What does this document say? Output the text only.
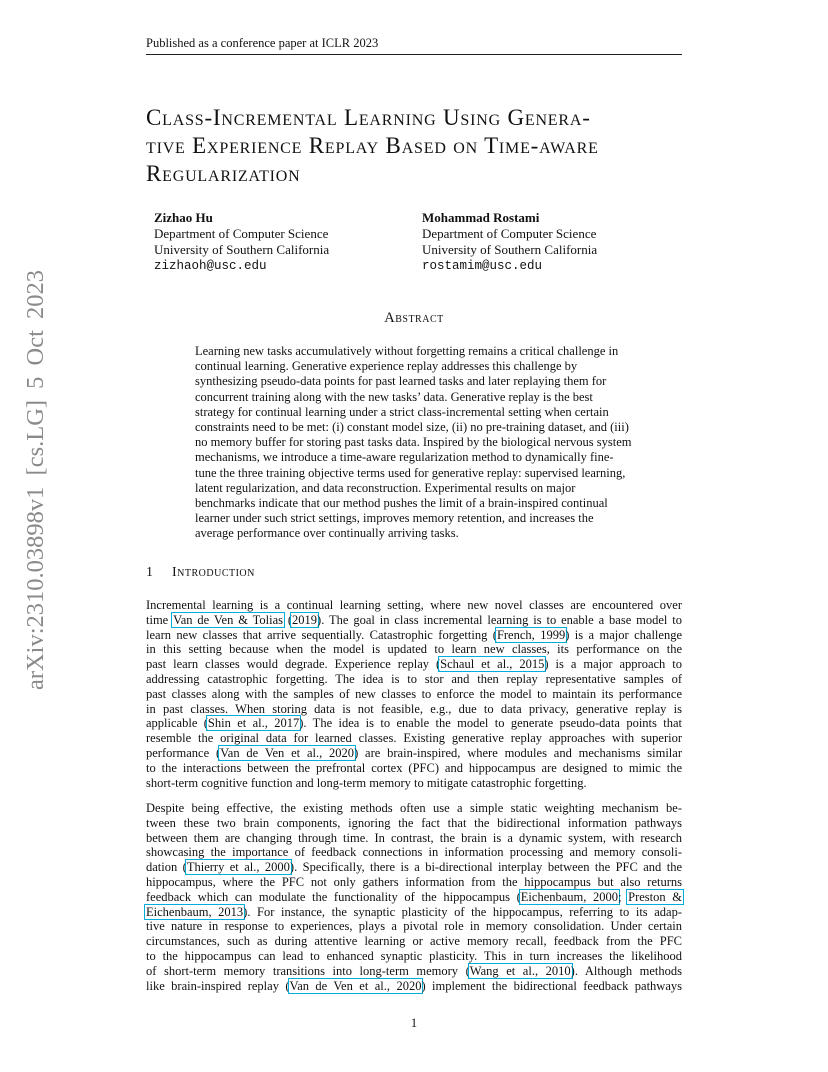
Published as a conference paper at ICLR 2023
Class-Incremental Learning Using Genera-
tive Experience Replay Based on Time-aware
Regularization
Zizhao Hu
Department of Computer Science
University of Southern California
zizhaoh@usc.edu
Mohammad Rostami
Department of Computer Science
University of Southern California
rostamim@usc.edu
arXiv:2310.03898v1 [cs.LG] 5 Oct 2023	Abstract

Learning new tasks accumulatively without forgetting remains a critical challenge in continual learning. Generative experience replay addresses this challenge by synthesizing pseudo-data points for past learned tasks and later replaying them for concurrent training along with the new tasks’ data. Generative replay is the best strategy for continual learning under a strict class-incremental setting when certain constraints need to be met: (i) constant model size, (ii) no pre-training dataset, and (iii) no memory buffer for storing past tasks data. Inspired by the biological nervous system mechanisms, we introduce a time-aware regularization method to dynamically fine-tune the three training objective terms used for generative replay: supervised learning, latent regularization, and data reconstruction. Experimental results on major benchmarks indicate that our method pushes the limit of a brain-inspired continual learner under such strict settings, improves memory retention, and increases the average performance over continually arriving tasks.

1 Introduction
Incremental learning is a continual learning setting, where new novel classes are encountered over
time Van de Ven & Tolias (2019). The goal in class incremental learning is to enable a base model to
learn new classes that arrive sequentially. Catastrophic forgetting (French, 1999) is a major challenge
in this setting because when the model is updated to learn new classes, its performance on the
past learn classes would degrade. Experience replay (Schaul et al., 2015) is a major approach to
addressing catastrophic forgetting. The idea is to stor and then replay representative samples of
past classes along with the samples of new classes to enforce the model to maintain its performance
in past classes. When storing data is not feasible, e.g., due to data privacy, generative replay is
applicable (Shin et al., 2017). The idea is to enable the model to generate pseudo-data points that
resemble the original data for learned classes. Existing generative replay approaches with superior
performance (Van de Ven et al., 2020) are brain-inspired, where modules and mechanisms similar
to the interactions between the prefrontal cortex (PFC) and hippocampus are designed to mimic the
short-term cognitive function and long-term memory to mitigate catastrophic forgetting.
Despite being effective, the existing methods often use a simple static weighting mechanism be-
tween these two brain components, ignoring the fact that the bidirectional information pathways
between them are changing through time. In contrast, the brain is a dynamic system, with research
showcasing the importance of feedback connections in information processing and memory consoli-
dation (Thierry et al., 2000). Specifically, there is a bi-directional interplay between the PFC and the
hippocampus, where the PFC not only gathers information from the hippocampus but also returns
feedback which can modulate the functionality of the hippocampus (Eichenbaum, 2000; Preston &
Eichenbaum, 2013). For instance, the synaptic plasticity of the hippocampus, referring to its adap-
tive nature in response to experiences, plays a pivotal role in memory consolidation. Under certain
circumstances, such as during attentive learning or active memory recall, feedback from the PFC
to the hippocampus can lead to enhanced synaptic plasticity. This in turn increases the likelihood
of short-term memory transitions into long-term memory (Wang et al., 2010). Although methods
like brain-inspired replay (Van de Ven et al., 2020) implement the bidirectional feedback pathways
1
